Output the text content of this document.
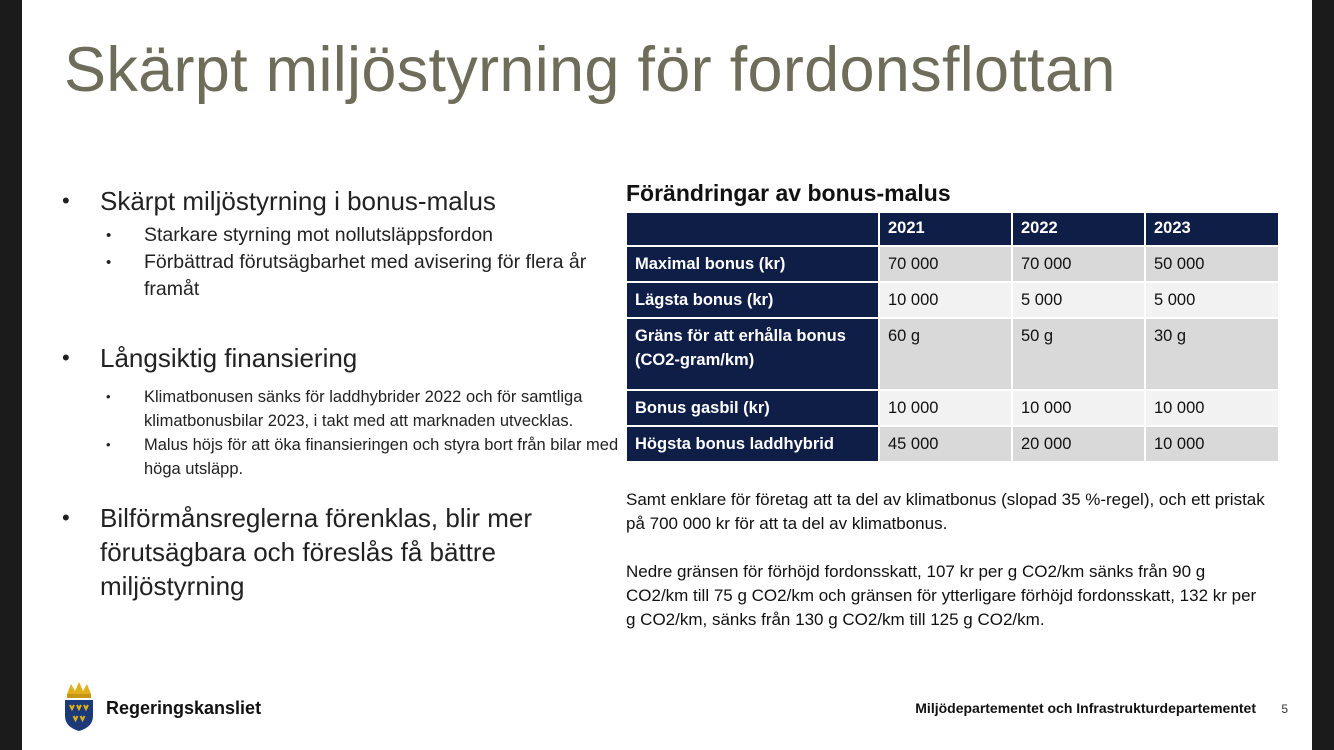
Skärpt miljöstyrning för fordonsflottan
•	Skärpt miljöstyrning i bonus-malus
•	Starkare styrning mot nollutsläppsfordon
•	Förbättrad förutsägbarhet med avisering för flera år framåt
•	Långsiktig finansiering
•	Klimatbonusen sänks för laddhybrider 2022 och för samtliga klimatbonusbilar 2023, i takt med att marknaden utvecklas.
•	Malus höjs för att öka finansieringen och styra bort från bilar med höga utsläpp.
•	Bilförmånsreglerna förenklas, blir mer förutsägbara och föreslås få bättre miljöstyrning
Förändringar av bonus-malus
	2021	2022	2023
Maximal bonus (kr)	70 000	70 000	50 000
Lägsta bonus (kr)	10 000	5 000	5 000
Gräns för att erhålla bonus (CO2-gram/km)	60 g	50 g	30 g
Bonus gasbil (kr)	10 000	10 000	10 000
Högsta bonus laddhybrid	45 000	20 000	10 000

Samt enklare för företag att ta del av klimatbonus (slopad 35 %-regel), och ett pristak på 700 000 kr för att ta del av klimatbonus.

Nedre gränsen för förhöjd fordonsskatt, 107 kr per g CO2/km sänks från 90 g CO2/km till 75 g CO2/km och gränsen för ytterligare förhöjd fordonsskatt, 132 kr per g CO2/km, sänks från 130 g CO2/km till 125 g CO2/km.

Regeringskansliet	Miljödepartementet och Infrastrukturdepartementet 5
